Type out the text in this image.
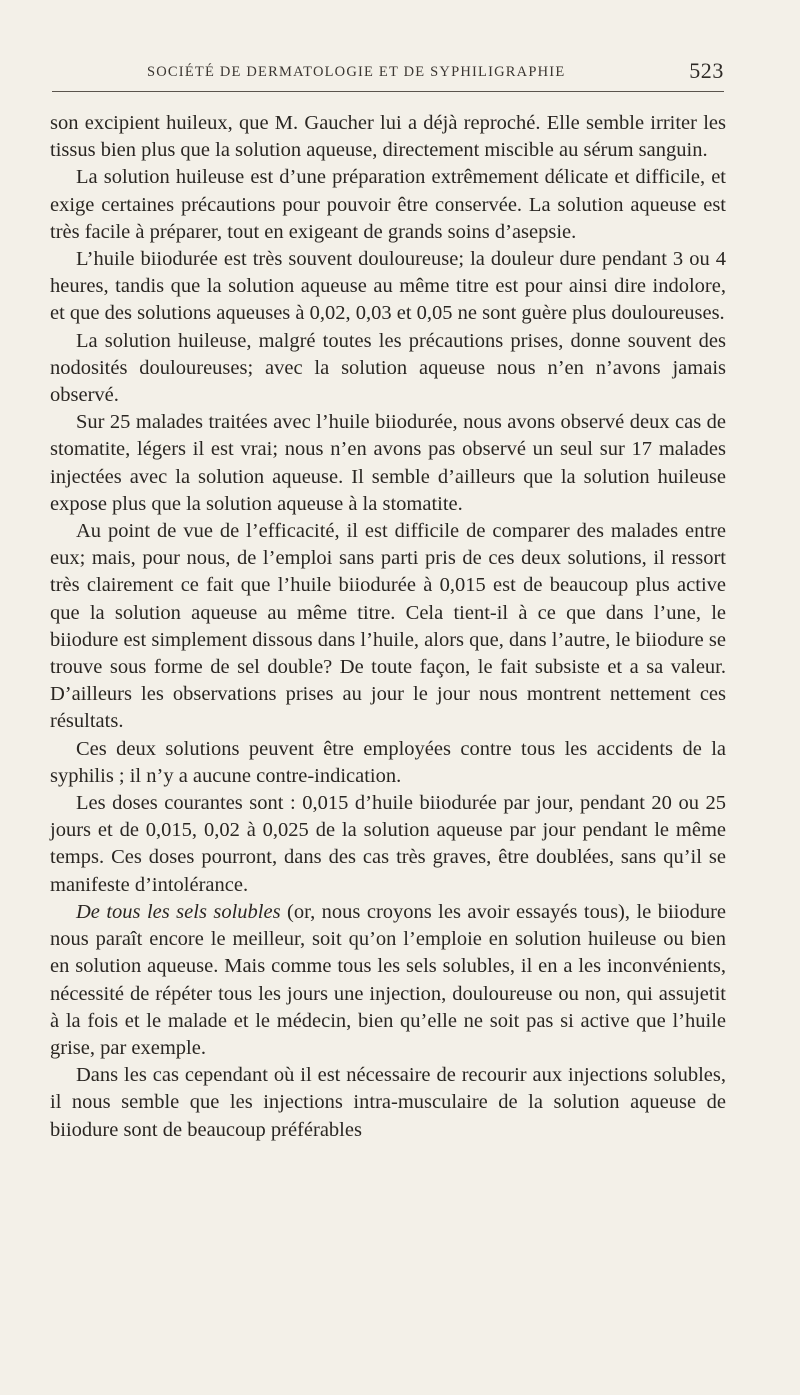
SOCIÉTÉ DE DERMATOLOGIE ET DE SYPHILIGRAPHIE	523

son excipient huileux, que M. Gaucher lui a déjà reproché. Elle semble irriter les tissus bien plus que la solution aqueuse, directement miscible au sérum sanguin.

La solution huileuse est d’une préparation extrêmement délicate et difficile, et exige certaines précautions pour pouvoir être conservée. La solution aqueuse est très facile à préparer, tout en exigeant de grands soins d’asepsie.

L’huile biiodurée est très souvent douloureuse; la douleur dure pendant 3 ou 4 heures, tandis que la solution aqueuse au même titre est pour ainsi dire indolore, et que des solutions aqueuses à 0,02, 0,03 et 0,05 ne sont guère plus douloureuses.

La solution huileuse, malgré toutes les précautions prises, donne souvent des nodosités douloureuses; avec la solution aqueuse nous n’en n’avons jamais observé.

Sur 25 malades traitées avec l’huile biiodurée, nous avons observé deux cas de stomatite, légers il est vrai; nous n’en avons pas observé un seul sur 17 malades injectées avec la solution aqueuse. Il semble d’ailleurs que la solution huileuse expose plus que la solution aqueuse à la stomatite.

Au point de vue de l’efficacité, il est difficile de comparer des malades entre eux; mais, pour nous, de l’emploi sans parti pris de ces deux solutions, il ressort très clairement ce fait que l’huile biiodurée à 0,015 est de beaucoup plus active que la solution aqueuse au même titre. Cela tient-il à ce que dans l’une, le biiodure est simplement dissous dans l’huile, alors que, dans l’autre, le biiodure se trouve sous forme de sel double? De toute façon, le fait subsiste et a sa valeur. D’ailleurs les observations prises au jour le jour nous montrent nettement ces résultats.

Ces deux solutions peuvent être employées contre tous les accidents de la syphilis ; il n’y a aucune contre-indication.

Les doses courantes sont : 0,015 d’huile biiodurée par jour, pendant 20 ou 25 jours et de 0,015, 0,02 à 0,025 de la solution aqueuse par jour pendant le même temps. Ces doses pourront, dans des cas très graves, être doublées, sans qu’il se manifeste d’intolérance.

De tous les sels solubles (or, nous croyons les avoir essayés tous), le biiodure nous paraît encore le meilleur, soit qu’on l’emploie en solution huileuse ou bien en solution aqueuse. Mais comme tous les sels solubles, il en a les inconvénients, nécessité de répéter tous les jours une injection, douloureuse ou non, qui assujetit à la fois et le malade et le médecin, bien qu’elle ne soit pas si active que l’huile grise, par exemple.

Dans les cas cependant où il est nécessaire de recourir aux injections solubles, il nous semble que les injections intra-musculaire de la solution aqueuse de biiodure sont de beaucoup préférables
